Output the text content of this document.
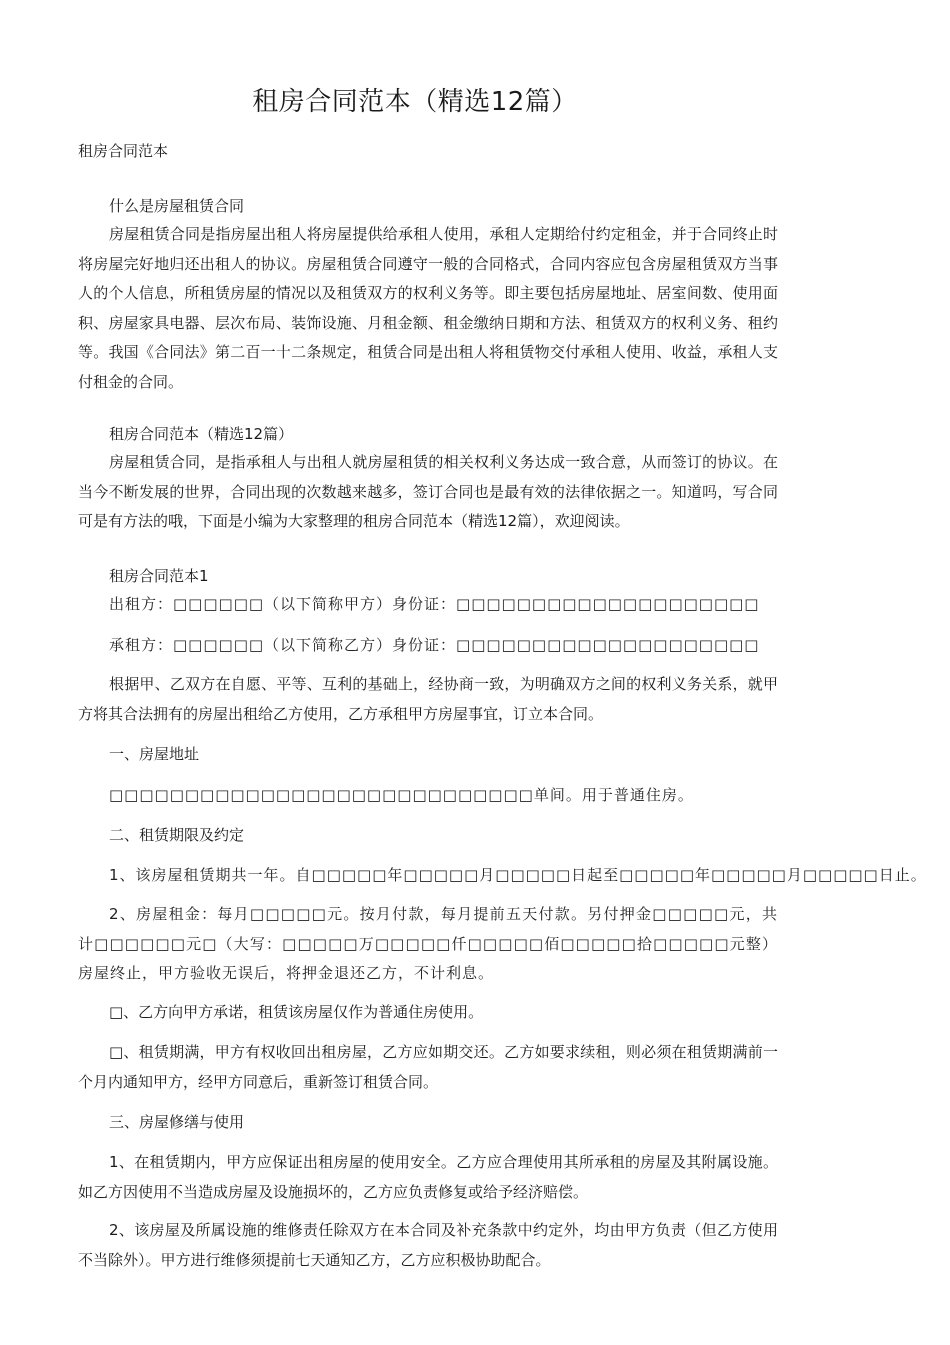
租房合同范本（精选12篇）
租房合同范本
什么是房屋租赁合同

房屋租赁合同是指房屋出租人将房屋提供给承租人使用，承租人定期给付约定租金，并于合同终止时将房屋完好地归还出租人的协议。房屋租赁合同遵守一般的合同格式，合同内容应包含房屋租赁双方当事人的个人信息，所租赁房屋的情况以及租赁双方的权利义务等。即主要包括房屋地址、居室间数、使用面积、房屋家具电器、层次布局、装饰设施、月租金额、租金缴纳日期和方法、租赁双方的权利义务、租约等。我国《合同法》第二百一十二条规定，租赁合同是出租人将租赁物交付承租人使用、收益，承租人支付租金的合同。

租房合同范本（精选12篇）

房屋租赁合同，是指承租人与出租人就房屋租赁的相关权利义务达成一致合意，从而签订的协议。在当今不断发展的世界，合同出现的次数越来越多，签订合同也是最有效的法律依据之一。知道吗，写合同可是有方法的哦，下面是小编为大家整理的租房合同范本（精选12篇），欢迎阅读。

租房合同范本1
出租方：□□□□□□（以下简称甲方）身份证：□□□□□□□□□□□□□□□□□□□□
承租方：□□□□□□（以下简称乙方）身份证：□□□□□□□□□□□□□□□□□□□□

根据甲、乙双方在自愿、平等、互利的基础上，经协商一致，为明确双方之间的权利义务关系，就甲方将其合法拥有的房屋出租给乙方使用，乙方承租甲方房屋事宜，订立本合同。

一、房屋地址
□□□□□□□□□□□□□□□□□□□□□□□□□□□□单间。用于普通住房。
二、租赁期限及约定
1、该房屋租赁期共一年。自□□□□□年□□□□□月□□□□□日起至□□□□□年□□□□□月□□□□□日止。

2、房屋租金：每月□□□□□元。按月付款，每月提前五天付款。另付押金□□□□□元，共计□□□□□□元□（大写：□□□□□万□□□□□仟□□□□□佰□□□□□拾□□□□□元整）房屋终止，甲方验收无误后，将押金退还乙方，不计利息。

□、乙方向甲方承诺，租赁该房屋仅作为普通住房使用。

□、租赁期满，甲方有权收回出租房屋，乙方应如期交还。乙方如要求续租，则必须在租赁期满前一个月内通知甲方，经甲方同意后，重新签订租赁合同。

三、房屋修缮与使用

1、在租赁期内，甲方应保证出租房屋的使用安全。乙方应合理使用其所承租的房屋及其附属设施。如乙方因使用不当造成房屋及设施损坏的，乙方应负责修复或给予经济赔偿。

2、该房屋及所属设施的维修责任除双方在本合同及补充条款中约定外，均由甲方负责（但乙方使用不当除外）。甲方进行维修须提前七天通知乙方，乙方应积极协助配合。
